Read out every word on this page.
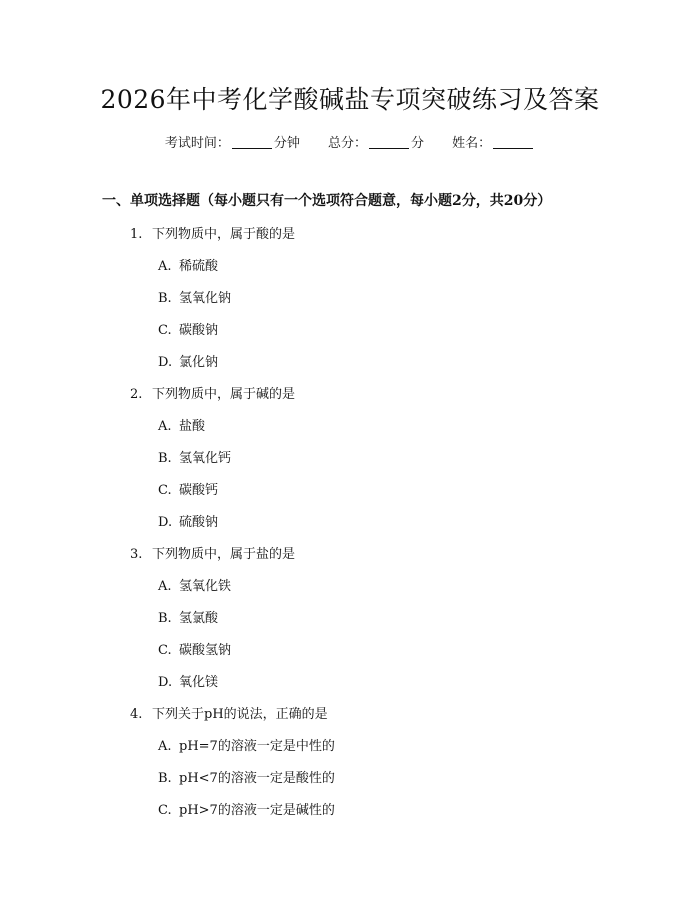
2026年中考化学酸碱盐专项突破练习及答案
考试时间：	分钟 总分：	分 姓名：
一、单项选择题（每小题只有一个选项符合题意，每小题2分，共20分）
1. 下列物质中，属于酸的是
A. 稀硫酸
B. 氢氧化钠
C. 碳酸钠
D. 氯化钠
2. 下列物质中，属于碱的是
A. 盐酸
B. 氢氧化钙
C. 碳酸钙
D. 硫酸钠
3. 下列物质中，属于盐的是
A. 氢氧化铁
B. 氢氯酸
C. 碳酸氢钠
D. 氧化镁
4. 下列关于pH的说法，正确的是
A. pH=7的溶液一定是中性的
B. pH<7的溶液一定是酸性的
C. pH>7的溶液一定是碱性的
